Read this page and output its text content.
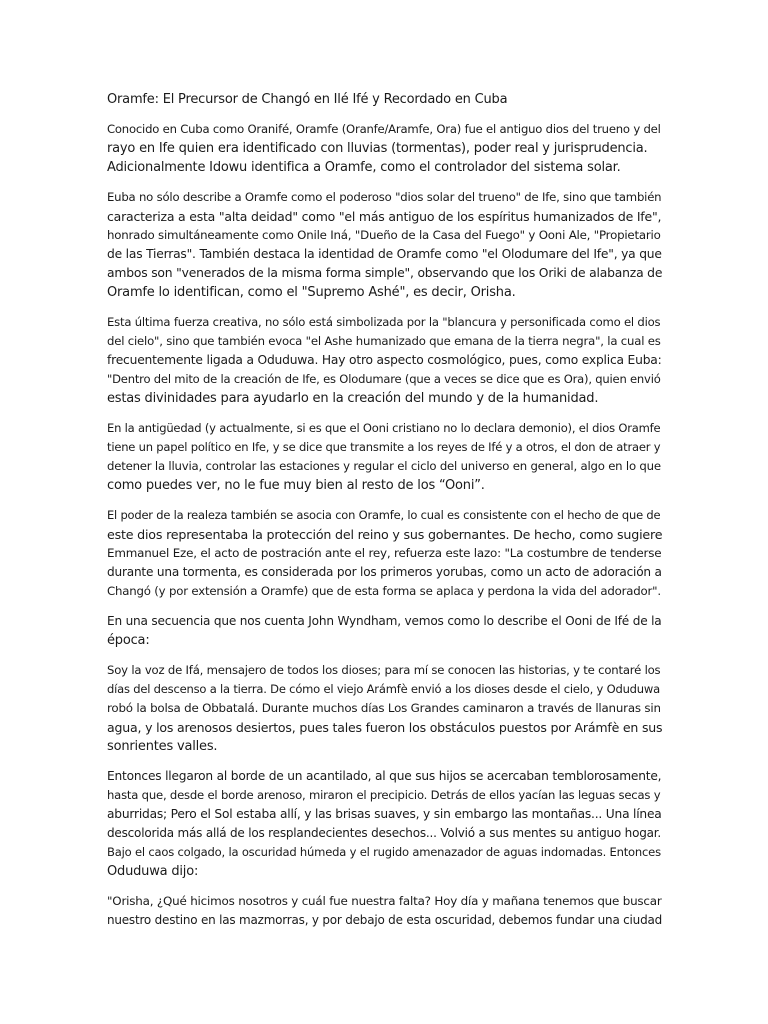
Oramfe: El Precursor de Changó en Ilé Ifé y Recordado en Cuba
Conocido en Cuba como Oranifé, Oramfe (Oranfe/Aramfe, Ora) fue el antiguo dios del trueno y del
rayo en Ife quien era identificado con lluvias (tormentas), poder real y jurisprudencia.
Adicionalmente Idowu identifica a Oramfe, como el controlador del sistema solar.
Euba no sólo describe a Oramfe como el poderoso "dios solar del trueno" de Ife, sino que también
caracteriza a esta "alta deidad" como "el más antiguo de los espíritus humanizados de Ife",
honrado simultáneamente como Onile Iná, "Dueño de la Casa del Fuego" y Ooni Ale, "Propietario
de las Tierras". También destaca la identidad de Oramfe como "el Olodumare del Ife", ya que
ambos son "venerados de la misma forma simple", observando que los Oriki de alabanza de
Oramfe lo identifican, como el "Supremo Ashé", es decir, Orisha.
Esta última fuerza creativa, no sólo está simbolizada por la "blancura y personificada como el dios
del cielo", sino que también evoca "el Ashe humanizado que emana de la tierra negra", la cual es
frecuentemente ligada a Oduduwa. Hay otro aspecto cosmológico, pues, como explica Euba:
"Dentro del mito de la creación de Ife, es Olodumare (que a veces se dice que es Ora), quien envió
estas divinidades para ayudarlo en la creación del mundo y de la humanidad.
En la antigüedad (y actualmente, si es que el Ooni cristiano no lo declara demonio), el dios Oramfe
tiene un papel político en Ife, y se dice que transmite a los reyes de Ifé y a otros, el don de atraer y
detener la lluvia, controlar las estaciones y regular el ciclo del universo en general, algo en lo que
como puedes ver, no le fue muy bien al resto de los “Ooni”.
El poder de la realeza también se asocia con Oramfe, lo cual es consistente con el hecho de que de
este dios representaba la protección del reino y sus gobernantes. De hecho, como sugiere
Emmanuel Eze, el acto de postración ante el rey, refuerza este lazo: "La costumbre de tenderse
durante una tormenta, es considerada por los primeros yorubas, como un acto de adoración a
Changó (y por extensión a Oramfe) que de esta forma se aplaca y perdona la vida del adorador".
En una secuencia que nos cuenta John Wyndham, vemos como lo describe el Ooni de Ifé de la
época:
Soy la voz de Ifá, mensajero de todos los dioses; para mí se conocen las historias, y te contaré los
días del descenso a la tierra. De cómo el viejo Arámfè envió a los dioses desde el cielo, y Oduduwa
robó la bolsa de Obbatalá. Durante muchos días Los Grandes caminaron a través de llanuras sin
agua, y los arenosos desiertos, pues tales fueron los obstáculos puestos por Arámfè en sus
sonrientes valles.
Entonces llegaron al borde de un acantilado, al que sus hijos se acercaban temblorosamente,
hasta que, desde el borde arenoso, miraron el precipicio. Detrás de ellos yacían las leguas secas y
aburridas; Pero el Sol estaba allí, y las brisas suaves, y sin embargo las montañas... Una línea
descolorida más allá de los resplandecientes desechos... Volvió a sus mentes su antiguo hogar.
Bajo el caos colgado, la oscuridad húmeda y el rugido amenazador de aguas indomadas. Entonces
Oduduwa dijo:
"Orisha, ¿Qué hicimos nosotros y cuál fue nuestra falta? Hoy día y mañana tenemos que buscar
nuestro destino en las mazmorras, y por debajo de esta oscuridad, debemos fundar una ciudad
